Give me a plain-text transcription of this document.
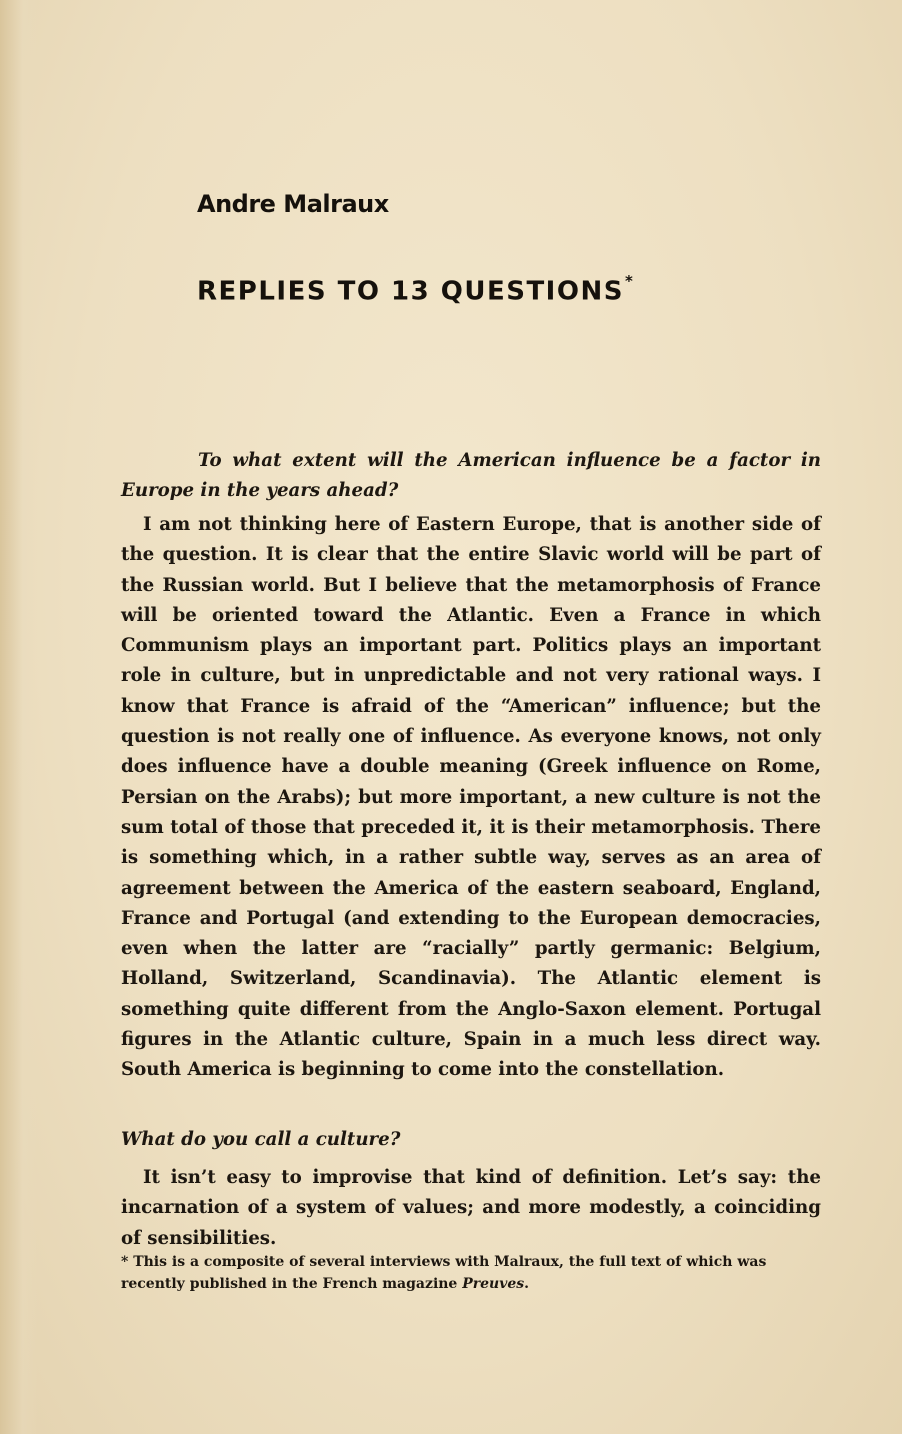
Andre Malraux
REPLIES TO 13 QUESTIONS*

To what extent will the American influence be a factor in Europe in the years ahead?

I am not thinking here of Eastern Europe, that is another side of the question. It is clear that the entire Slavic world will be part of the Russian world. But I believe that the metamorphosis of France will be oriented toward the Atlantic. Even a France in which Communism plays an important part. Politics plays an important role in culture, but in unpredictable and not very rational ways. I know that France is afraid of the “American” influence; but the question is not really one of influence. As everyone knows, not only does influence have a double meaning (Greek influence on Rome, Persian on the Arabs); but more important, a new culture is not the sum total of those that preceded it, it is their metamorphosis. There is something which, in a rather subtle way, serves as an area of agreement between the America of the eastern seaboard, England, France and Portugal (and extending to the European democracies, even when the latter are “racially” partly germanic: Belgium, Holland, Switzerland, Scandinavia). The Atlantic element is something quite different from the Anglo-Saxon element. Portugal figures in the Atlantic culture, Spain in a much less direct way. South America is beginning to come into the constellation.

What do you call a culture?

It isn’t easy to improvise that kind of definition. Let’s say: the incarnation of a system of values; and more modestly, a coinciding of sensibilities.

* This is a composite of several interviews with Malraux, the full text of which was recently published in the French magazine Preuves.
